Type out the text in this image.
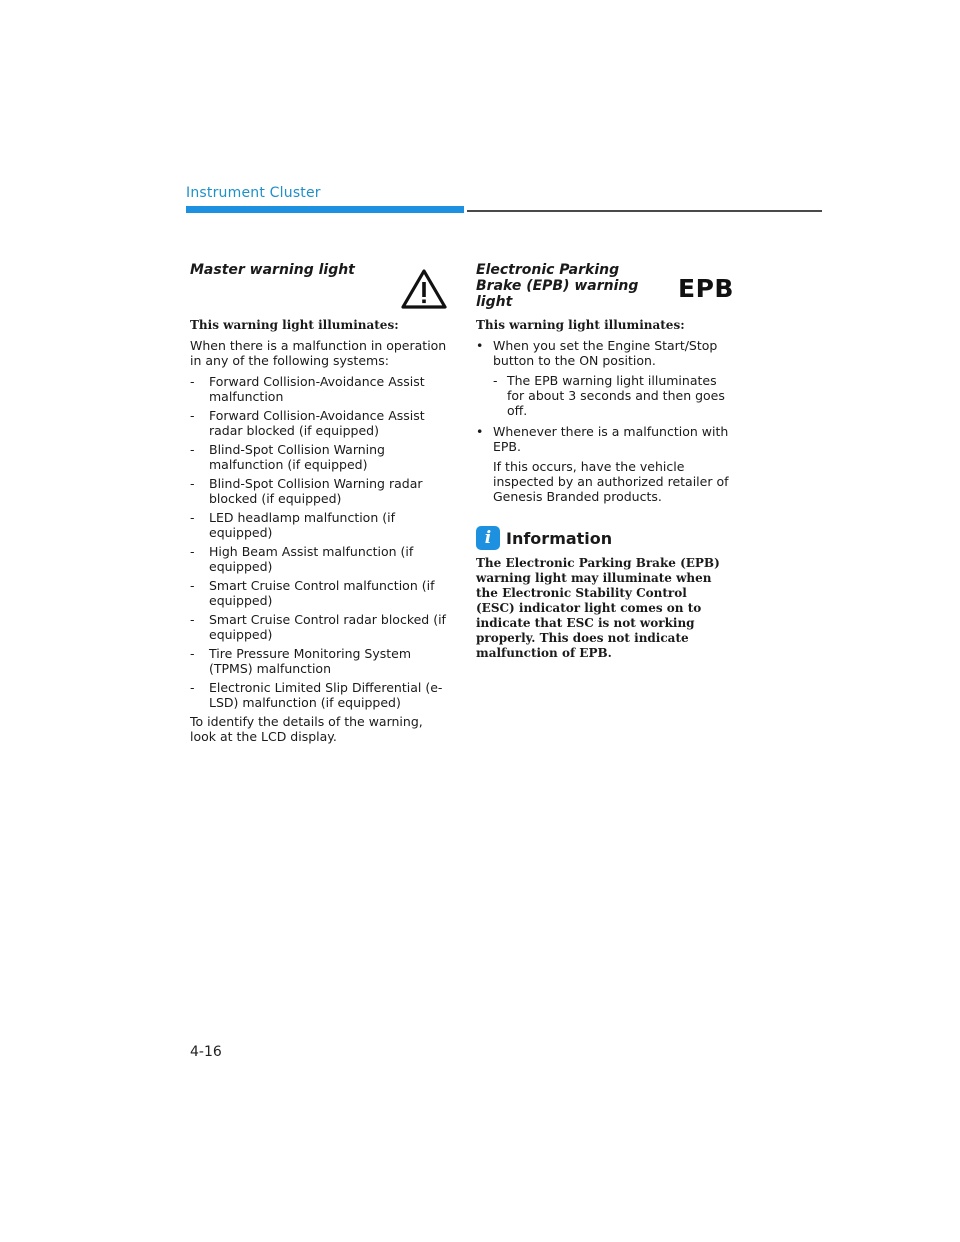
Instrument Cluster
Master warning light
This warning light illuminates:

When there is a malfunction in operation in any of the following systems:

- Forward Collision-Avoidance Assist malfunction
- Forward Collision-Avoidance Assist radar blocked (if equipped)
- Blind-Spot Collision Warning malfunction (if equipped)
- Blind-Spot Collision Warning radar blocked (if equipped)
- LED headlamp malfunction (if equipped)
- High Beam Assist malfunction (if equipped)
- Smart Cruise Control malfunction (if equipped)
- Smart Cruise Control radar blocked (if equipped)
- Tire Pressure Monitoring System (TPMS) malfunction
- Electronic Limited Slip Differential (e-LSD) malfunction (if equipped)

To identify the details of the warning, look at the LCD display.

Electronic Parking Brake (EPB) warning light	EPB
This warning light illuminates:
• When you set the Engine Start/Stop button to the ON position.
- The EPB warning light illuminates for about 3 seconds and then goes off.
• Whenever there is a malfunction with EPB.

If this occurs, have the vehicle inspected by an authorized retailer of Genesis Branded products.

i Information

The Electronic Parking Brake (EPB) warning light may illuminate when the Electronic Stability Control (ESC) indicator light comes on to indicate that ESC is not working properly. This does not indicate malfunction of EPB.

4-16
